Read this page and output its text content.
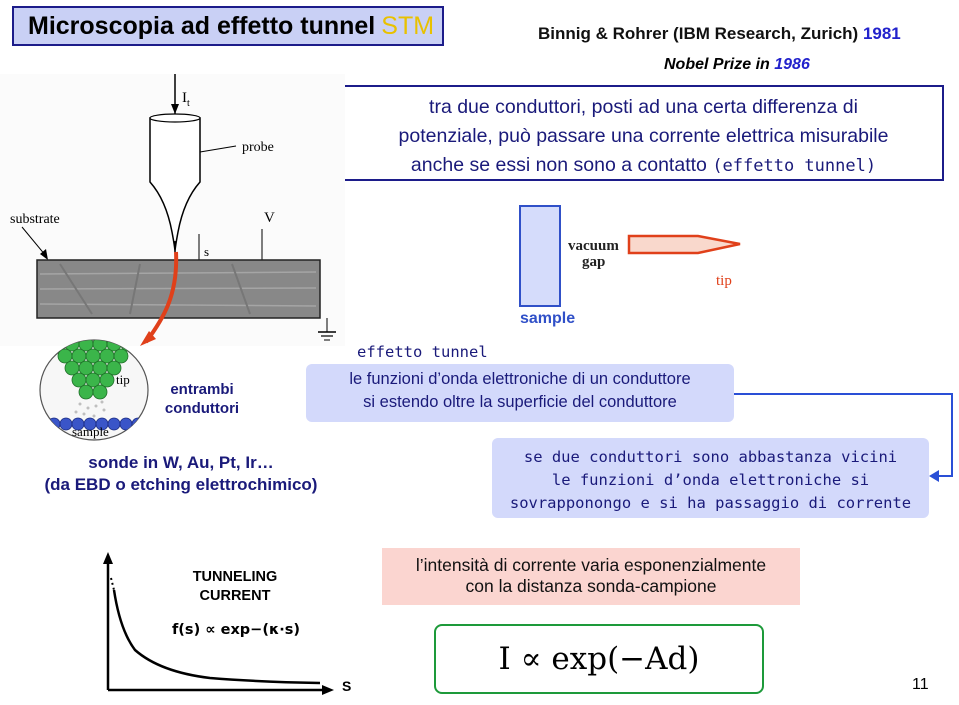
Microscopia ad effetto tunnel STM	Binnig & Rohrer (IBM Research, Zurich) 1981
Nobel Prize in 1986
tra due conduttori, posti ad una certa differenza di
potenziale, può passare una corrente elettrica misurabile
anche se essi non sono a contatto (effetto tunnel)
$I_t$
probe
substrate	V
s	vacuum
gap
tip
sample
tip
sample
entrambi
conduttori
effetto tunnel
le funzioni d’onda elettroniche di un conduttore
si estendo oltre la superficie del conduttore
se due conduttori sono abbastanza vicini
le funzioni d’onda elettroniche si
sovrapponongo e si ha passaggio di corrente
sonde in W, Au, Pt, Ir…
(da EBD o etching elettrochimico)
f(s) ∝ exp−(κ·s)
S
TUNNELING
CURRENT
l’intensità di corrente varia esponenzialmente
con la distanza sonda-campione
I ∝ exp(−Ad)
11
